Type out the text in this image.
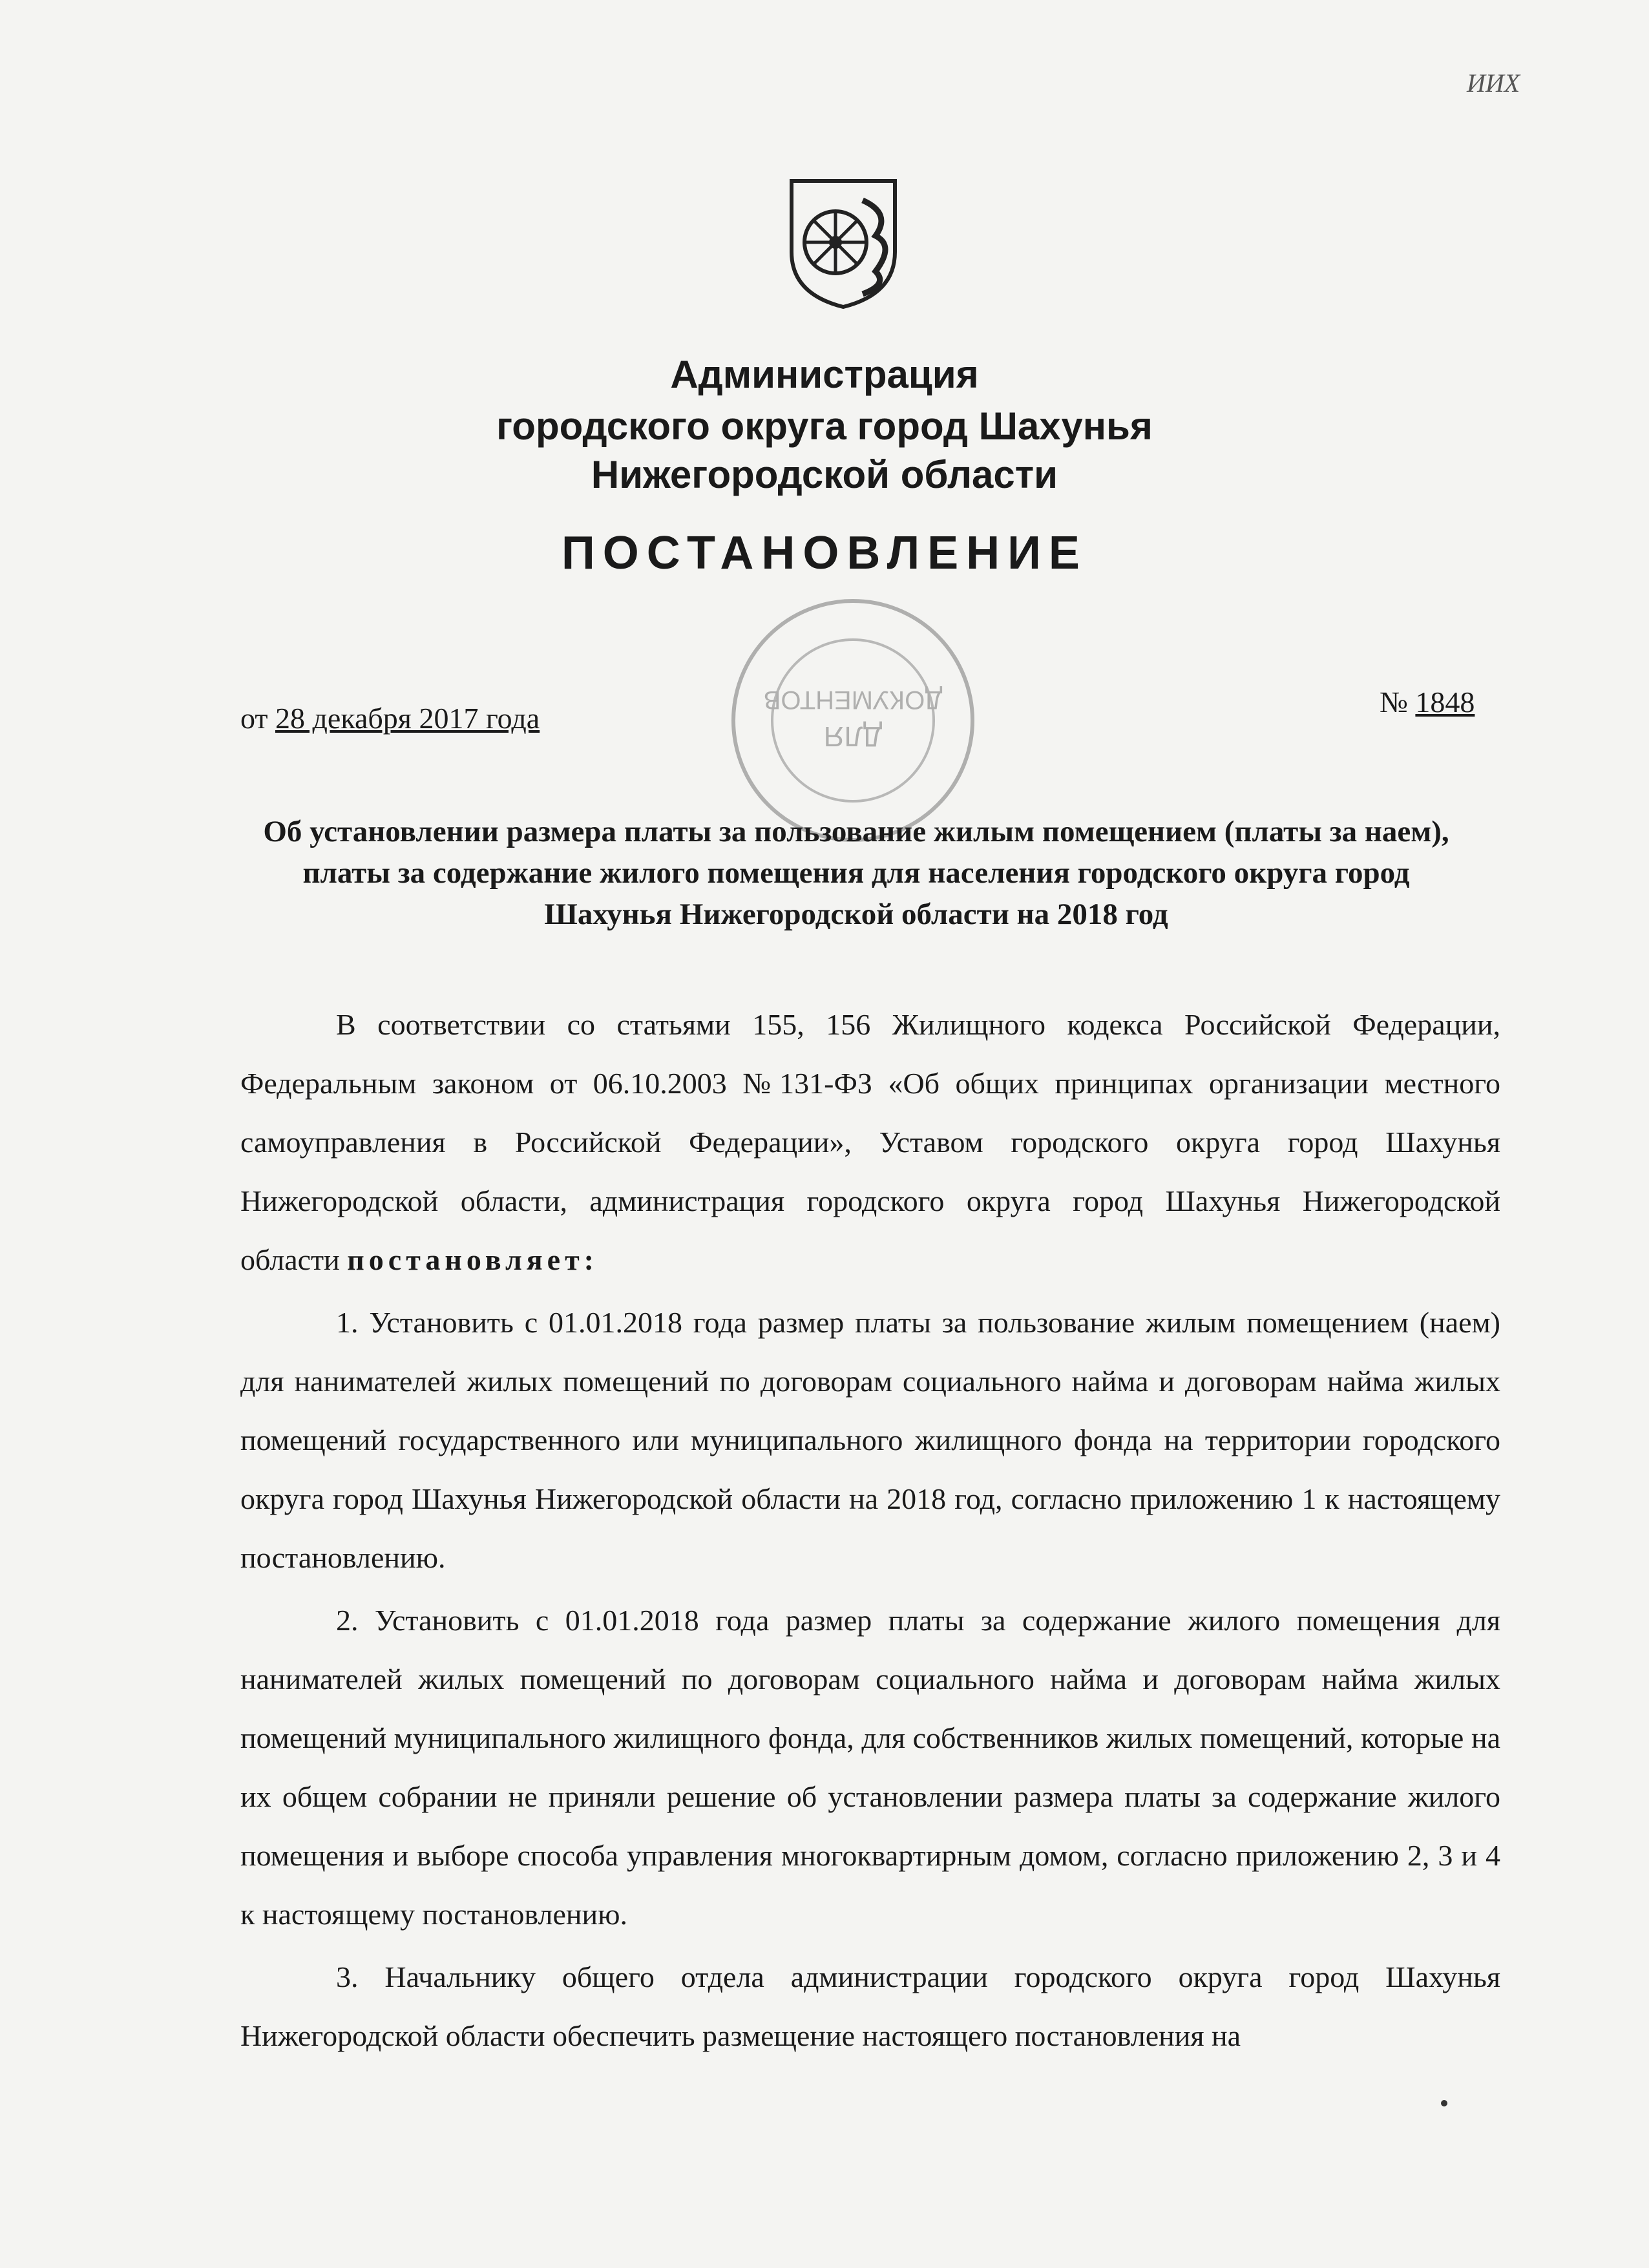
ИИХ
Администрация
городского округа город Шахунья
Нижегородской области
ПОСТАНОВЛЕНИЕ
ДЛЯ
ДОКУМЕНТОВ
от 28 декабря 2017 года	№ 1848
Об установлении размера платы за пользование жилым помещением (платы за наем), платы за содержание жилого помещения для населения городского округа город Шахунья Нижегородской области на 2018 год

В соответствии со статьями 155, 156 Жилищного кодекса Российской Федерации, Федеральным законом от 06.10.2003 №131-ФЗ «Об общих принципах организации местного самоуправления в Российской Федерации», Уставом городского округа город Шахунья Нижегородской области, администрация городского округа город Шахунья Нижегородской области постановляет:

1. Установить с 01.01.2018 года размер платы за пользование жилым помещением (наем) для нанимателей жилых помещений по договорам социального найма и договорам найма жилых помещений государственного или муниципального жилищного фонда на территории городского округа город Шахунья Нижегородской области на 2018 год, согласно приложению 1 к настоящему постановлению.

2. Установить с 01.01.2018 года размер платы за содержание жилого помещения для нанимателей жилых помещений по договорам социального найма и договорам найма жилых помещений муниципального жилищного фонда, для собственников жилых помещений, которые на их общем собрании не приняли решение об установлении размера платы за содержание жилого помещения и выборе способа управления многоквартирным домом, согласно приложению 2, 3 и 4 к настоящему постановлению.

3. Начальнику общего отдела администрации городского округа город Шахунья Нижегородской области обеспечить размещение настоящего постановления на
